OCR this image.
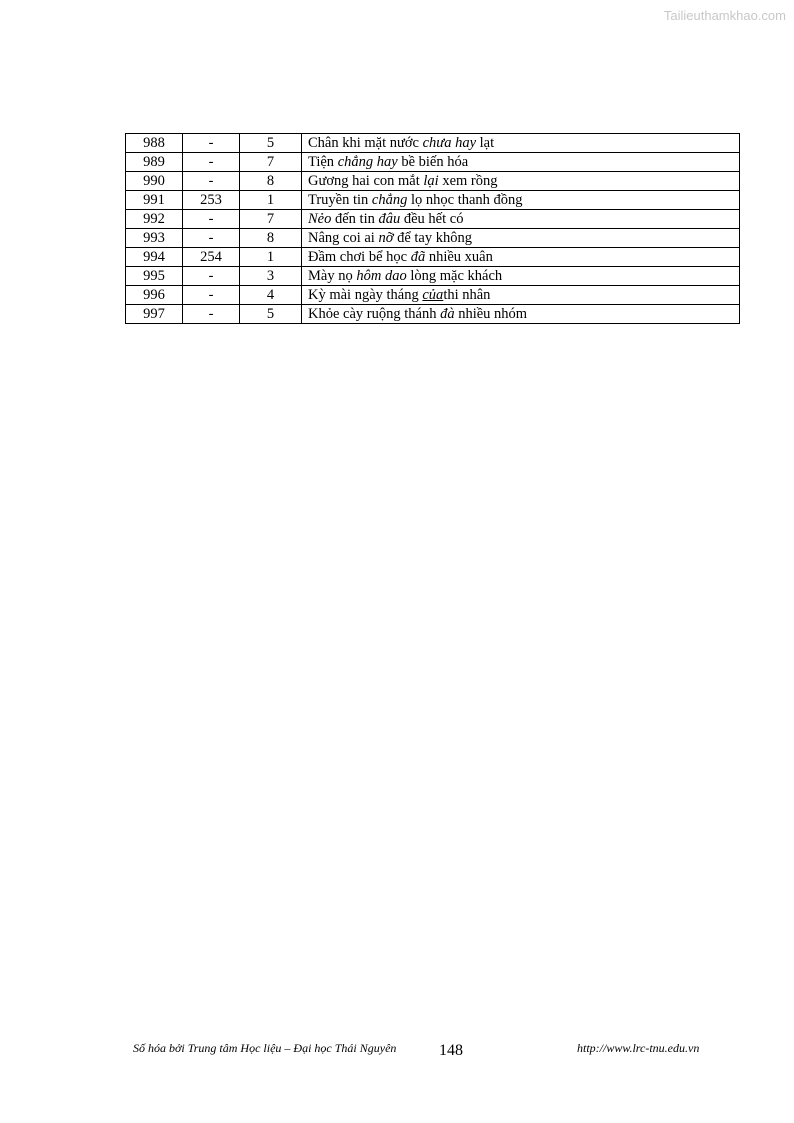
Tailieuthamkhao.com
988	-	5	Chân khi mặt nước chưa hay lạt
989	-	7	Tiện chẳng hay bề biến hóa
990	-	8	Gương hai con mắt lại xem rồng
991	253	1	Truyền tin chẳng lọ nhọc thanh đồng
992	-	7	Nẻo đến tin đâu đều hết có
993	-	8	Nâng coi ai nỡ để tay không
994	254	1	Đầm chơi bể học đã nhiều xuân
995	-	3	Mày nọ hôm dao lòng mặc khách
996	-	4	Kỳ mài ngày tháng củathi nhân
997	-	5	Khỏe cày ruộng thánh đà nhiều nhóm
Số hóa bởi Trung tâm Học liệu – Đại học Thái Nguyên	148	http://www.lrc-tnu.edu.vn
